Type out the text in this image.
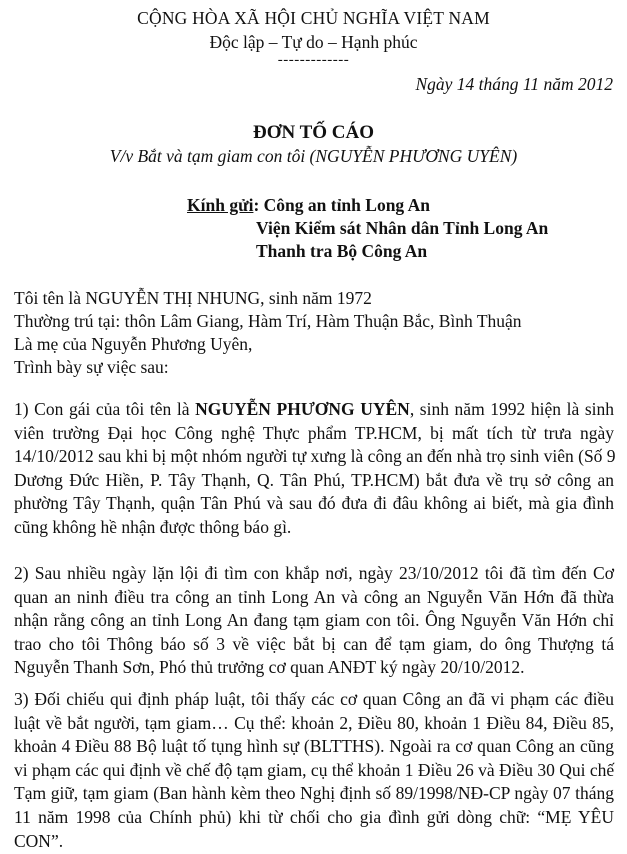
CỘNG HÒA XÃ HỘI CHỦ NGHĨA VIỆT NAM
Độc lập – Tự do – Hạnh phúc
-------------
Ngày 14 tháng 11 năm 2012
ĐƠN TỐ CÁO
V/v Bắt và tạm giam con tôi (NGUYỄN PHƯƠNG UYÊN)
Kính gửi: Công an tỉnh Long An
Viện Kiểm sát Nhân dân Tỉnh Long An
Thanh tra Bộ Công An
Tôi tên là NGUYỄN THỊ NHUNG, sinh năm 1972
Thường trú tại: thôn Lâm Giang, Hàm Trí, Hàm Thuận Bắc, Bình Thuận
Là mẹ của Nguyễn Phương Uyên,
Trình bày sự việc sau:
1) Con gái của tôi tên là NGUYỄN PHƯƠNG UYÊN, sinh năm 1992 hiện là sinh
viên trường Đại học Công nghệ Thực phẩm TP.HCM, bị mất tích từ trưa ngày
14/10/2012 sau khi bị một nhóm người tự xưng là công an đến nhà trọ sinh viên (Số 9
Dương Đức Hiền, P. Tây Thạnh, Q. Tân Phú, TP.HCM) bắt đưa về trụ sở công an
phường Tây Thạnh, quận Tân Phú và sau đó đưa đi đâu không ai biết, mà gia đình
cũng không hề nhận được thông báo gì.
2) Sau nhiều ngày lặn lội đi tìm con khắp nơi, ngày 23/10/2012 tôi đã tìm đến Cơ
quan an ninh điều tra công an tỉnh Long An và công an Nguyễn Văn Hớn đã thừa
nhận rằng công an tỉnh Long An đang tạm giam con tôi. Ông Nguyễn Văn Hớn chỉ
trao cho tôi Thông báo số 3 về việc bắt bị can để tạm giam, do ông Thượng tá
Nguyễn Thanh Sơn, Phó thủ trưởng cơ quan ANĐT ký ngày 20/10/2012.
3) Đối chiếu qui định pháp luật, tôi thấy các cơ quan Công an đã vi phạm các điều
luật về bắt người, tạm giam… Cụ thể: khoản 2, Điều 80, khoản 1 Điều 84, Điều 85,
khoản 4 Điều 88 Bộ luật tố tụng hình sự (BLTTHS). Ngoài ra cơ quan Công an cũng
vi phạm các qui định về chế độ tạm giam, cụ thể khoản 1 Điều 26 và Điều 30 Qui chế
Tạm giữ, tạm giam (Ban hành kèm theo Nghị định số 89/1998/NĐ-CP ngày 07 tháng
11 năm 1998 của Chính phủ) khi từ chối cho gia đình gửi dòng chữ: “MẸ YÊU
CON”.
